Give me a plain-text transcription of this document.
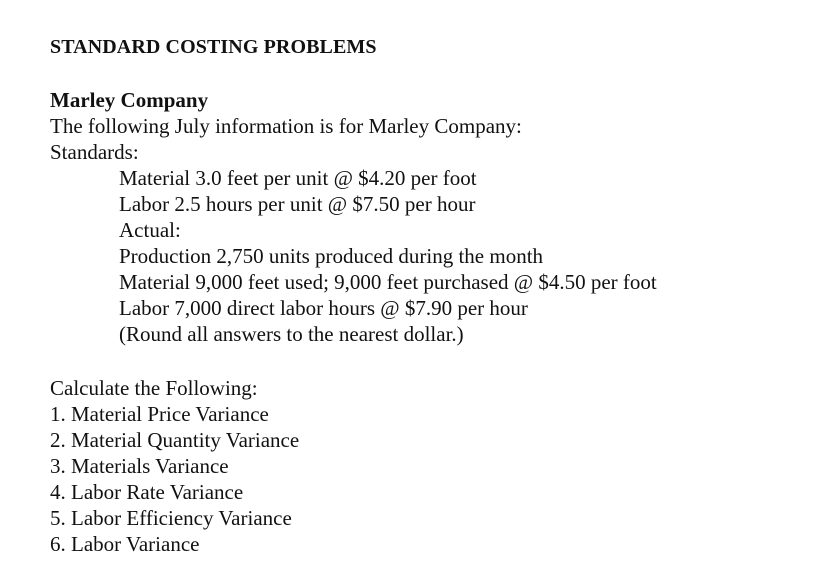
STANDARD COSTING PROBLEMS
Marley Company
The following July information is for Marley Company:
Standards:
Material 3.0 feet per unit @ $4.20 per foot
Labor 2.5 hours per unit @ $7.50 per hour
Actual:
Production 2,750 units produced during the month
Material 9,000 feet used; 9,000 feet purchased @ $4.50 per foot
Labor 7,000 direct labor hours @ $7.90 per hour
(Round all answers to the nearest dollar.)
Calculate the Following:
1. Material Price Variance
2. Material Quantity Variance
3. Materials Variance
4. Labor Rate Variance
5. Labor Efficiency Variance
6. Labor Variance
